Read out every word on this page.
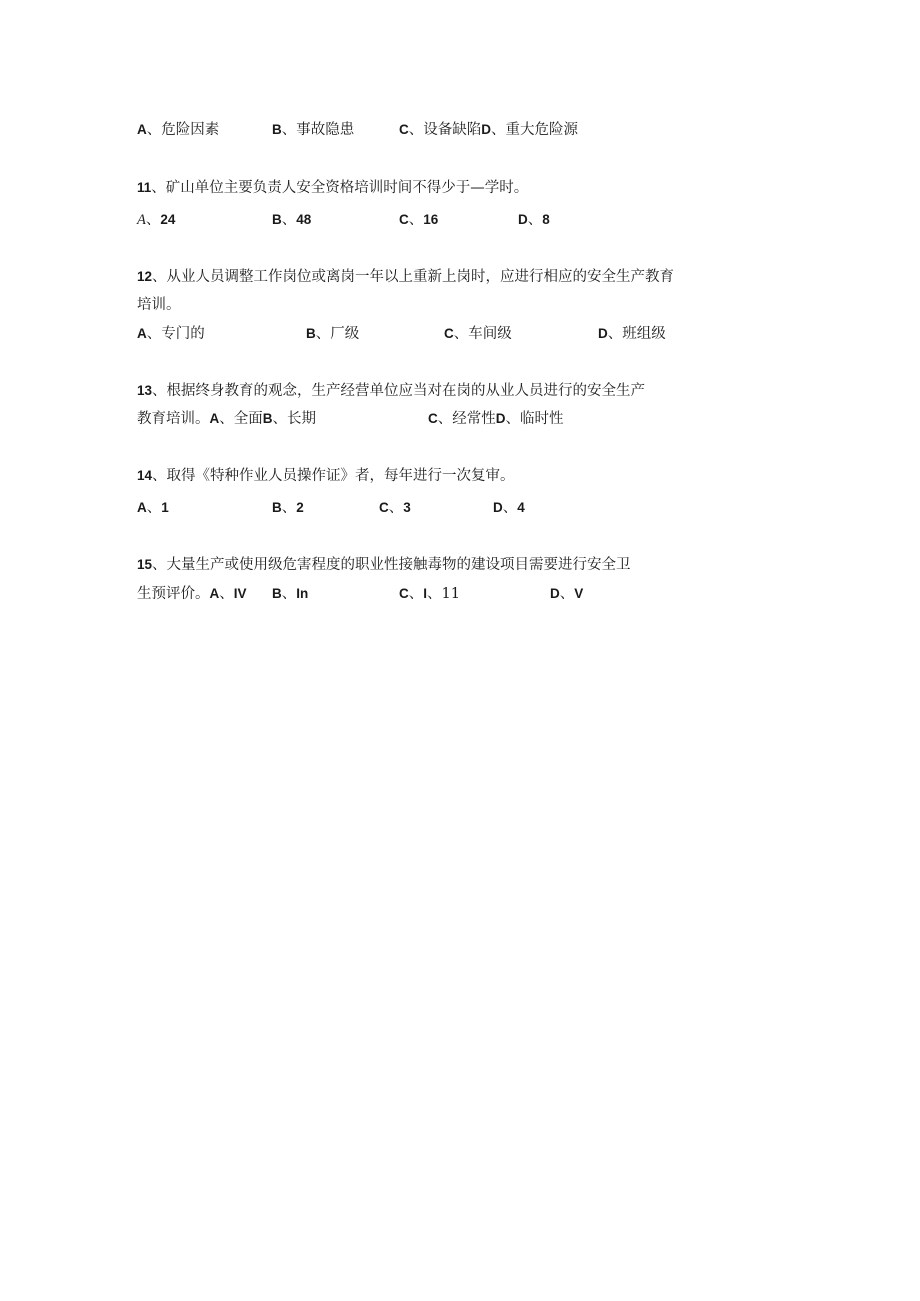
A、危险因素	B、事故隐患	C、设备缺陷D、重大危险源
11、矿山单位主要负责人安全资格培训时间不得少于—学时。
A、24	B、48	C、16	D、8
12、从业人员调整工作岗位或离岗一年以上重新上岗时，应进行相应的安全生产教育
培训。
A、专门的	B、厂级	C、车间级	D、班组级
13、根据终身教育的观念，生产经营单位应当对在岗的从业人员进行的安全生产
教育培训。A、全面B、长期	C、经常性D、临时性
14、取得《特种作业人员操作证》者，每年进行一次复审。
A、1	B、2	C、3	D、4
15、大量生产或使用级危害程度的职业性接触毒物的建设项目需要进行安全卫
生预评价。A、IV B、In	C、I、11	D、V
